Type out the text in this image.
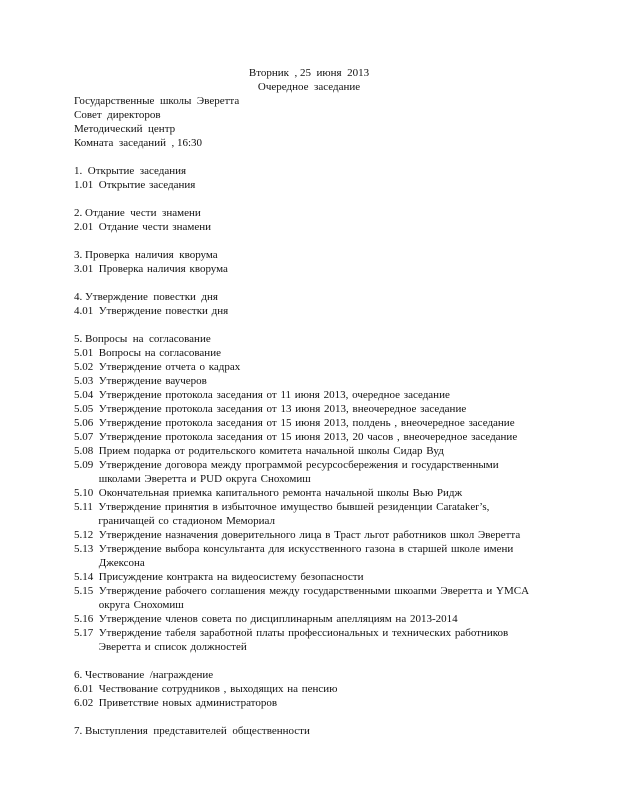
Вторник  , 25  июня  2013
Очередное  заседание
Государственные  школы  Эверетта
Совет  директоров
Методический  центр
Комната  заседаний  , 16:30
1.  Открытие  заседания
1.01 Открытие заседания
2. Отдание  чести  знамени
2.01 Отдание чести знамени
3. Проверка  наличия  кворума
3.01 Проверка наличия кворума
4. Утверждение  повестки  дня
4.01 Утверждение повестки дня
5. Вопросы  на  согласование
5.01 Вопросы на согласование
5.02 Утверждение отчета о кадрах
5.03 Утверждение ваучеров
5.04 Утверждение протокола заседания от 11 июня 2013, очередное заседание
5.05 Утверждение протокола заседания от 13 июня 2013, внеочередное заседание
5.06 Утверждение протокола заседания от 15 июня 2013, полдень , внеочередное заседание
5.07 Утверждение протокола заседания от 15 июня 2013, 20 часов , внеочередное заседание
5.08 Прием подарка от родительского комитета начальной школы Сидар Вуд
5.09 Утверждение договора между программой ресурсосбережения и государственными школами Эверетта и PUD округа Снохомиш
5.10 Окончательная приемка капитального ремонта начальной школы Вью Ридж
5.11 Утверждение принятия в избыточное имущество бывшей резиденции Carataker’s, граничащей со стадионом Мемориал
5.12 Утверждение назначения доверительного лица в Траст льгот работников школ Эверетта
5.13 Утверждение выбора консультанта для искусственного газона в старшей школе имени Джексона
5.14 Присуждение контракта на видеосистему безопасности
5.15 Утверждение рабочего соглашения между государственными шкоапми Эверетта и YMCA округа Снохомиш
5.16 Утверждение членов совета по дисциплинарным апелляциям на 2013-2014
5.17 Утверждение табеля заработной платы профессиональных и технических работников Эверетта и список должностей
6. Чествование  /награждение
6.01 Чествование сотрудников , выходящих на пенсию
6.02 Приветствие новых администраторов
7. Выступления  представителей  общественности
